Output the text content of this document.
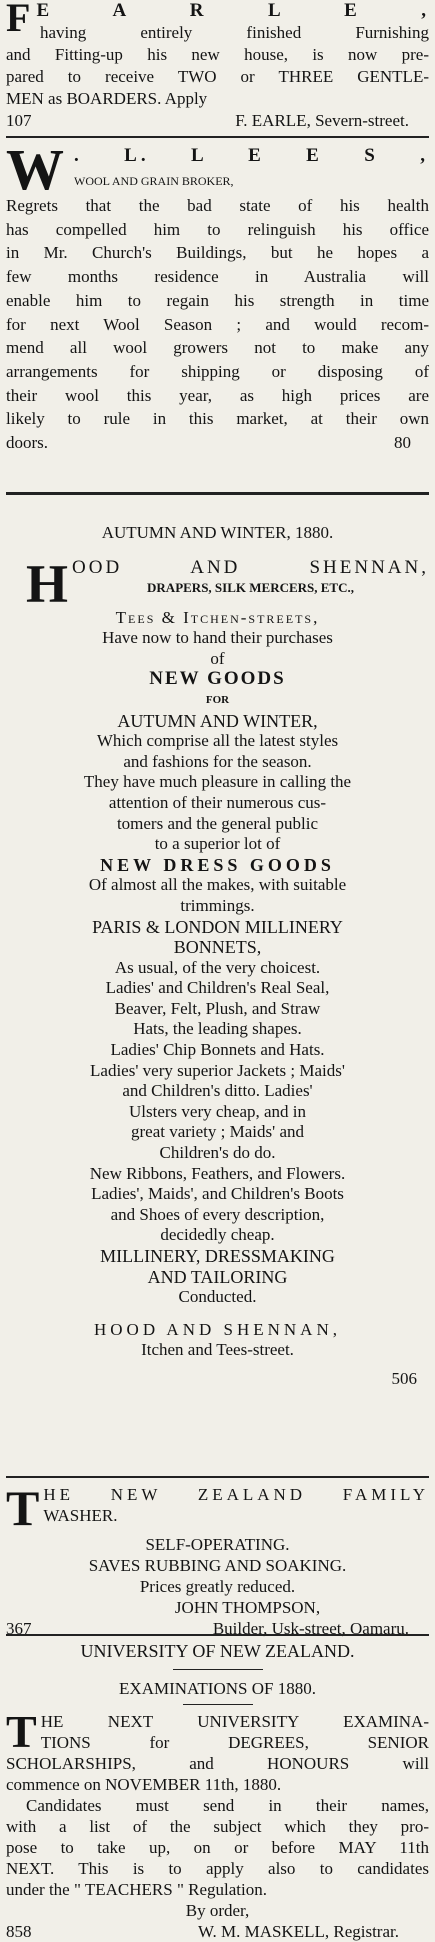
F E A R L E ,
having entirely finished Furnishing
and Fitting-up his new house, is now pre-
pared to receive TWO or THREE GENTLE-
MEN as BOARDERS. Apply
107	F. EARLE, Severn-street.
W . L. L E E S ,
WOOL AND GRAIN BROKER,
Regrets that the bad state of his health
has compelled him to relinguish his office
in Mr. Church's Buildings, but he hopes a
few months residence in Australia will
enable him to regain his strength in time
for next Wool Season ; and would recom-
mend all wool growers not to make any
arrangements for shipping or disposing of
their wool this year, as high prices are
likely to rule in this market, at their own
doors.	80
AUTUMN AND WINTER, 1880.
H OOD AND SHENNAN,
DRAPERS, SILK MERCERS, ETC.,
Tees & Itchen-streets,
Have now to hand their purchases
of
NEW GOODS
FOR
AUTUMN AND WINTER,
Which comprise all the latest styles
and fashions for the season.
They have much pleasure in calling the
attention of their numerous cus-
tomers and the general public
to a superior lot of
NEW DRESS GOODS
Of almost all the makes, with suitable
trimmings.
PARIS & LONDON MILLINERY
BONNETS,
As usual, of the very choicest.
Ladies' and Children's Real Seal,
Beaver, Felt, Plush, and Straw
Hats, the leading shapes.
Ladies' Chip Bonnets and Hats.
Ladies' very superior Jackets ; Maids'
and Children's ditto. Ladies'
Ulsters very cheap, and in
great variety ; Maids' and
Children's do do.
New Ribbons, Feathers, and Flowers.
Ladies', Maids', and Children's Boots
and Shoes of every description,
decidedly cheap.
MILLINERY, DRESSMAKING
AND TAILORING
Conducted.
HOOD AND SHENNAN,
Itchen and Tees-street.
506
T HE NEW ZEALAND FAMILY
WASHER.
SELF-OPERATING.
SAVES RUBBING AND SOAKING.
Prices greatly reduced.
JOHN THOMPSON,
367	Builder, Usk-street, Oamaru.
UNIVERSITY OF NEW ZEALAND.
EXAMINATIONS OF 1880.
T HE NEXT UNIVERSITY EXAMINA-
TIONS for DEGREES, SENIOR
SCHOLARSHIPS, and HONOURS will
commence on NOVEMBER 11th, 1880.
Candidates must send in their names,
with a list of the subject which they pro-
pose to take up, on or before MAY 11th
NEXT. This is to apply also to candidates
under the " TEACHERS " Regulation.
By order,
858	W. M. MASKELL, Registrar.
